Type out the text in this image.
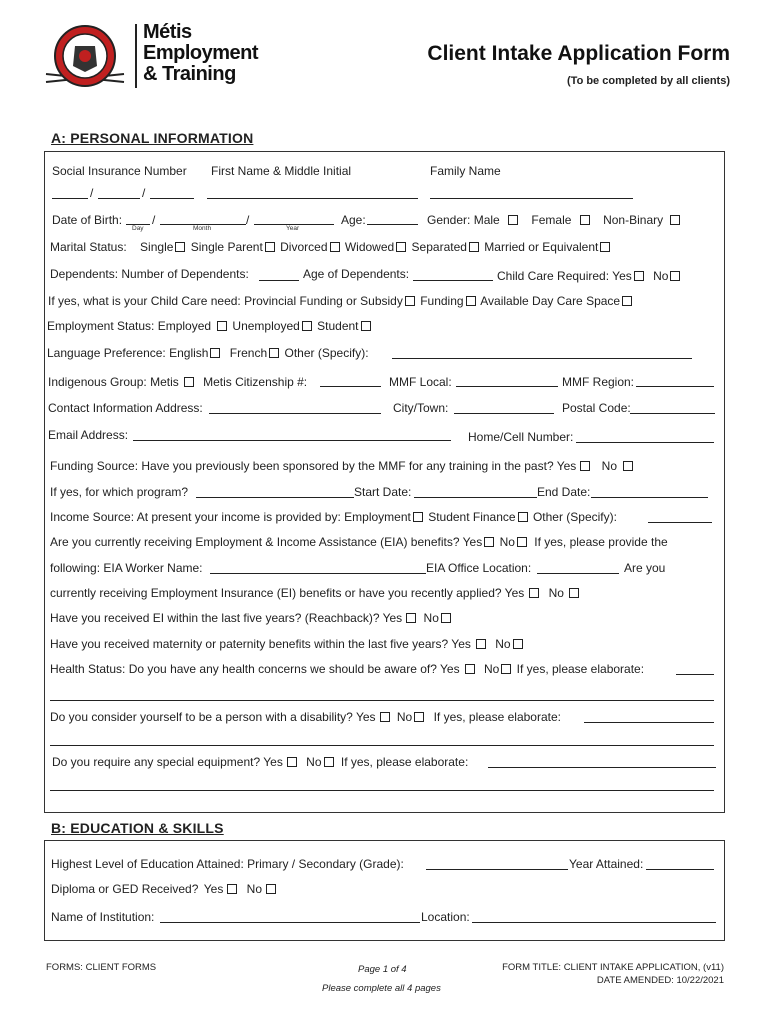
Métis
Employment
& Training
Client Intake Application Form
(To be completed by all clients)
A: PERSONAL INFORMATION
Social Insurance Number First Name & Middle Initial	Family Name
/	/
Date of Birth: /	/
Day	Month	Year
Age:	Gender: Male	Female	Non-Binary
Marital Status: Single Single Parent Divorced Widowed Separated Married or Equivalent
Dependents: Number of Dependents:	Age of Dependents:	Child Care Required: Yes No
If yes, what is your Child Care need: Provincial Funding or Subsidy Funding Available Day Care Space
Employment Status: Employed Unemployed Student
Language Preference: English French Other (Specify):
Indigenous Group: Metis Metis Citizenship #:	MMF Local:	MMF Region:
Contact Information Address:	City/Town:	Postal Code:
Email Address:	Home/Cell Number:
Funding Source: Have you previously been sponsored by the MMF for any training in the past? Yes No
If yes, for which program?	Start Date:	End Date:
Income Source: At present your income is provided by: Employment Student Finance Other (Specify):
Are you currently receiving Employment & Income Assistance (EIA) benefits? Yes No If yes, please provide the
following: EIA Worker Name:	EIA Office Location:	Are you
currently receiving Employment Insurance (EI) benefits or have you recently applied? Yes No
Have you received EI within the last five years? (Reachback)? Yes No
Have you received maternity or paternity benefits within the last five years? Yes No
Health Status: Do you have any health concerns we should be aware of? Yes No If yes, please elaborate:
Do you consider yourself to be a person with a disability? Yes No If yes, please elaborate:
Do you require any special equipment? Yes No If yes, please elaborate:
B: EDUCATION & SKILLS
Highest Level of Education Attained: Primary / Secondary (Grade):	Year Attained:
Diploma or GED Received? Yes No
Name of Institution:	Location:
FORMS: CLIENT FORMS	Page 1 of 4
Please complete all 4 pages
FORM TITLE: CLIENT INTAKE APPLICATION, (v11)
DATE AMENDED: 10/22/2021
